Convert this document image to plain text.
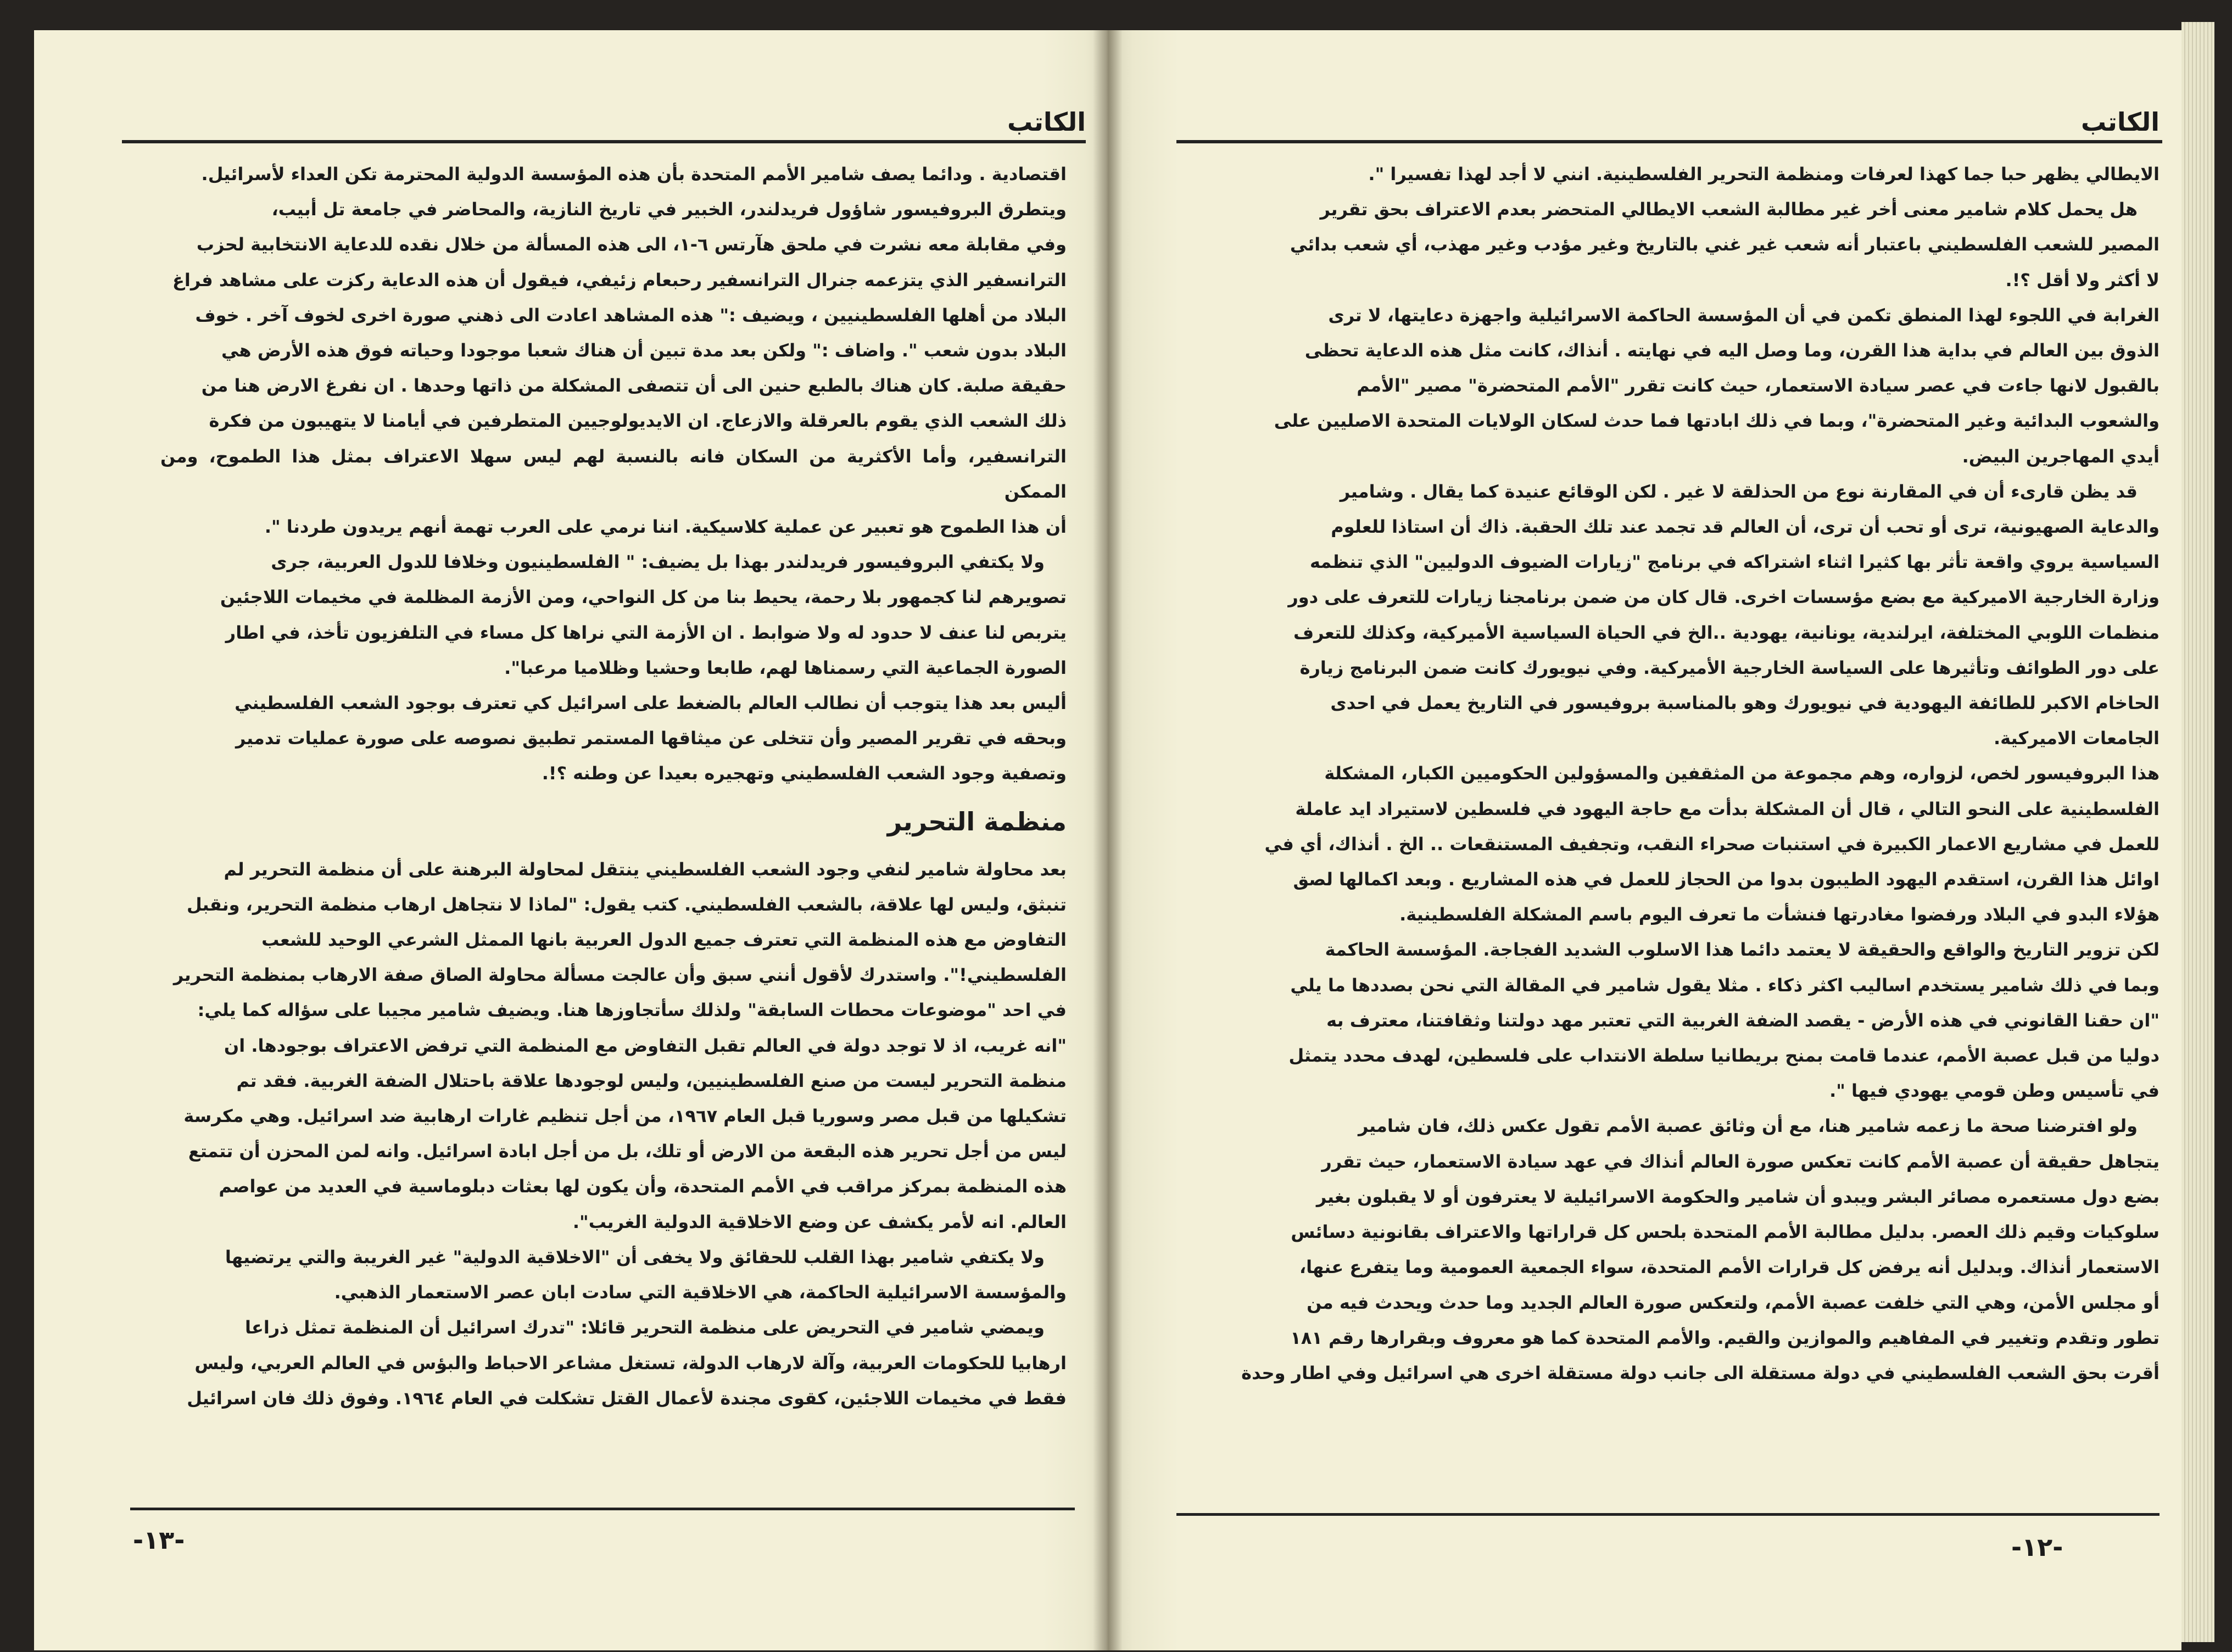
الكاتب

اقتصادية . ودائما يصف شامير الأمم المتحدة بأن هذه المؤسسة الدولية المحترمة تكن العداء لأسرائيل.
ويتطرق البروفيسور شاؤول فريدلندر، الخبير في تاريخ النازية، والمحاضر في جامعة تل أبيب،
وفي مقابلة معه نشرت في ملحق هآرتس ٦-١، الى هذه المسألة من خلال نقده للدعاية الانتخابية لحزب
الترانسفير الذي يتزعمه جنرال الترانسفير رحبعام زئيفي، فيقول أن هذه الدعاية ركزت على مشاهد فراغ
البلاد من أهلها الفلسطينيين ، ويضيف :" هذه المشاهد اعادت الى ذهني صورة اخرى لخوف آخر . خوف
البلاد بدون شعب ". واضاف :" ولكن بعد مدة تبين أن هناك شعبا موجودا وحياته فوق هذه الأرض هي
حقيقة صلبة. كان هناك بالطبع حنين الى أن تتصفى المشكلة من ذاتها وحدها . ان نفرغ الارض هنا من
ذلك الشعب الذي يقوم بالعرقلة والازعاج. ان الايديولوجيين المتطرفين في أيامنا لا يتهيبون من فكرة
الترانسفير، وأما الأكثرية من السكان فانه بالنسبة لهم ليس سهلا الاعتراف بمثل هذا الطموح، ومن الممكن
أن هذا الطموح هو تعبير عن عملية كلاسيكية. اننا نرمي على العرب تهمة أنهم يريدون طردنا ".

ولا يكتفي البروفيسور فريدلندر بهذا بل يضيف: " الفلسطينيون وخلافا للدول العربية، جرى
تصويرهم لنا كجمهور بلا رحمة، يحيط بنا من كل النواحي، ومن الأزمة المظلمة في مخيمات اللاجئين
يتربص لنا عنف لا حدود له ولا ضوابط . ان الأزمة التي نراها كل مساء في التلفزيون تأخذ، في اطار
الصورة الجماعية التي رسمناها لهم، طابعا وحشيا وظلاميا مرعبا".

أليس بعد هذا يتوجب أن نطالب العالم بالضغط على اسرائيل كي تعترف بوجود الشعب الفلسطيني
وبحقه في تقرير المصير وأن تتخلى عن ميثاقها المستمر تطبيق نصوصه على صورة عمليات تدمير
وتصفية وجود الشعب الفلسطيني وتهجيره بعيدا عن وطنه ؟!.

منظمة التحرير

بعد محاولة شامير لنفي وجود الشعب الفلسطيني ينتقل لمحاولة البرهنة على أن منظمة التحرير لم
تنبثق، وليس لها علاقة، بالشعب الفلسطيني. كتب يقول: "لماذا لا نتجاهل ارهاب منظمة التحرير، ونقبل
التفاوض مع هذه المنظمة التي تعترف جميع الدول العربية بانها الممثل الشرعي الوحيد للشعب
الفلسطيني!". واستدرك لأقول أنني سبق وأن عالجت مسألة محاولة الصاق صفة الارهاب بمنظمة التحرير
في احد "موضوعات محطات السابقة" ولذلك سأتجاوزها هنا. ويضيف شامير مجيبا على سؤاله كما يلي:
"انه غريب، اذ لا توجد دولة في العالم تقبل التفاوض مع المنظمة التي ترفض الاعتراف بوجودها. ان
منظمة التحرير ليست من صنع الفلسطينيين، وليس لوجودها علاقة باحتلال الضفة الغربية. فقد تم
تشكيلها من قبل مصر وسوريا قبل العام ١٩٦٧، من أجل تنظيم غارات ارهابية ضد اسرائيل. وهي مكرسة
ليس من أجل تحرير هذه البقعة من الارض أو تلك، بل من أجل ابادة اسرائيل. وانه لمن المحزن أن تتمتع
هذه المنظمة بمركز مراقب في الأمم المتحدة، وأن يكون لها بعثات دبلوماسية في العديد من عواصم
العالم. انه لأمر يكشف عن وضع الاخلاقية الدولية الغريب".

ولا يكتفي شامير بهذا القلب للحقائق ولا يخفى أن "الاخلاقية الدولية" غير الغريبة والتي يرتضيها
والمؤسسة الاسرائيلية الحاكمة، هي الاخلاقية التي سادت ابان عصر الاستعمار الذهبي.

ويمضي شامير في التحريض على منظمة التحرير قائلا: "تدرك اسرائيل أن المنظمة تمثل ذراعا
ارهابيا للحكومات العربية، وآلة لارهاب الدولة، تستغل مشاعر الاحباط والبؤس في العالم العربي، وليس
فقط في مخيمات اللاجئين، كقوى مجندة لأعمال القتل تشكلت في العام ١٩٦٤. وفوق ذلك فان اسرائيل

-١٣-
الكاتب

الايطالي يظهر حبا جما كهذا لعرفات ومنظمة التحرير الفلسطينية. انني لا أجد لهذا تفسيرا ".

هل يحمل كلام شامير معنى أخر غير مطالبة الشعب الايطالي المتحضر بعدم الاعتراف بحق تقرير
المصير للشعب الفلسطيني باعتبار أنه شعب غير غني بالتاريخ وغير مؤدب وغير مهذب، أي شعب بدائي
لا أكثر ولا أقل ؟!.

الغرابة في اللجوء لهذا المنطق تكمن في أن المؤسسة الحاكمة الاسرائيلية واجهزة دعايتها، لا ترى
الذوق بين العالم في بداية هذا القرن، وما وصل اليه في نهايته . أنذاك، كانت مثل هذه الدعاية تحظى
بالقبول لانها جاءت في عصر سيادة الاستعمار، حيث كانت تقرر "الأمم المتحضرة" مصير "الأمم
والشعوب البدائية وغير المتحضرة"، وبما في ذلك ابادتها فما حدث لسكان الولايات المتحدة الاصليين على
أيدي المهاجرين البيض.

قد يظن قارىء أن في المقارنة نوع من الحذلقة لا غير . لكن الوقائع عنيدة كما يقال . وشامير
والدعاية الصهيونية، ترى أو تحب أن ترى، أن العالم قد تجمد عند تلك الحقبة. ذاك أن استاذا للعلوم
السياسية يروي واقعة تأثر بها كثيرا اثناء اشتراكه في برنامج "زيارات الضيوف الدوليين" الذي تنظمه
وزارة الخارجية الاميركية مع بضع مؤسسات اخرى. قال كان من ضمن برنامجنا زيارات للتعرف على دور
منظمات اللوبي المختلفة، ايرلندية، يونانية، يهودية ..الخ في الحياة السياسية الأميركية، وكذلك للتعرف
على دور الطوائف وتأثيرها على السياسة الخارجية الأميركية. وفي نيويورك كانت ضمن البرنامج زيارة
الحاخام الاكبر للطائفة اليهودية في نيويورك وهو بالمناسبة بروفيسور في التاريخ يعمل في احدى
الجامعات الاميركية.

هذا البروفيسور لخص، لزواره، وهم مجموعة من المثقفين والمسؤولين الحكوميين الكبار، المشكلة
الفلسطينية على النحو التالي ، قال أن المشكلة بدأت مع حاجة اليهود في فلسطين لاستيراد ايد عاملة
للعمل في مشاريع الاعمار الكبيرة في استنبات صحراء النقب، وتجفيف المستنقعات .. الخ . أنذاك، أي في
اوائل هذا القرن، استقدم اليهود الطيبون بدوا من الحجاز للعمل في هذه المشاريع . وبعد اكمالها لصق
هؤلاء البدو في البلاد ورفضوا مغادرتها فنشأت ما تعرف اليوم باسم المشكلة الفلسطينية.

لكن تزوير التاريخ والواقع والحقيقة لا يعتمد دائما هذا الاسلوب الشديد الفجاجة. المؤسسة الحاكمة
وبما في ذلك شامير يستخدم اساليب اكثر ذكاء . مثلا يقول شامير في المقالة التي نحن بصددها ما يلي
"ان حقنا القانوني في هذه الأرض - يقصد الضفة الغربية التي تعتبر مهد دولتنا وثقافتنا، معترف به
دوليا من قبل عصبة الأمم، عندما قامت بمنح بريطانيا سلطة الانتداب على فلسطين، لهدف محدد يتمثل
في تأسيس وطن قومي يهودي فيها ".

ولو افترضنا صحة ما زعمه شامير هنا، مع أن وثائق عصبة الأمم تقول عكس ذلك، فان شامير
يتجاهل حقيقة أن عصبة الأمم كانت تعكس صورة العالم أنذاك في عهد سيادة الاستعمار، حيث تقرر
بضع دول مستعمره مصائر البشر ويبدو أن شامير والحكومة الاسرائيلية لا يعترفون أو لا يقبلون بغير
سلوكيات وقيم ذلك العصر. بدليل مطالبة الأمم المتحدة بلحس كل قراراتها والاعتراف بقانونية دسائس
الاستعمار أنذاك. وبدليل أنه يرفض كل قرارات الأمم المتحدة، سواء الجمعية العمومية وما يتفرع عنها،
أو مجلس الأمن، وهي التي خلفت عصبة الأمم، ولتعكس صورة العالم الجديد وما حدث ويحدث فيه من
تطور وتقدم وتغيير في المفاهيم والموازين والقيم. والأمم المتحدة كما هو معروف وبقرارها رقم ١٨١
أقرت بحق الشعب الفلسطيني في دولة مستقلة الى جانب دولة مستقلة اخرى هي اسرائيل وفي اطار وحدة

-١٢-
